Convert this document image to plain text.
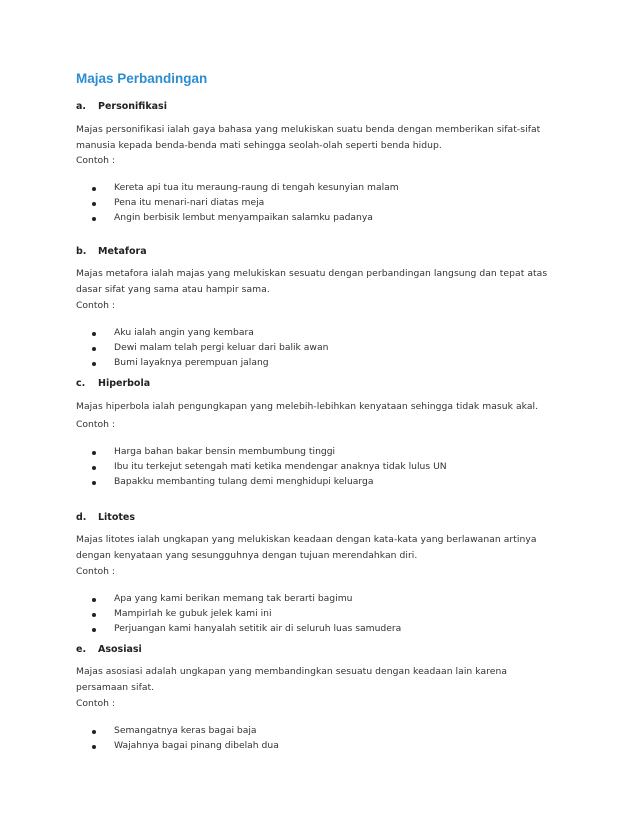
Majas Perbandingan
a. Personifikasi
Majas personifikasi ialah gaya bahasa yang melukiskan suatu benda dengan memberikan sifat-sifat
manusia kepada benda-benda mati sehingga seolah-olah seperti benda hidup.
Contoh :
Kereta api tua itu meraung-raung di tengah kesunyian malam
Pena itu menari-nari diatas meja
Angin berbisik lembut menyampaikan salamku padanya
b. Metafora
Majas metafora ialah majas yang melukiskan sesuatu dengan perbandingan langsung dan tepat atas
dasar sifat yang sama atau hampir sama.
Contoh :
Aku ialah angin yang kembara
Dewi malam telah pergi keluar dari balik awan
Bumi layaknya perempuan jalang
c. Hiperbola
Majas hiperbola ialah pengungkapan yang melebih-lebihkan kenyataan sehingga tidak masuk akal.
Contoh :
Harga bahan bakar bensin membumbung tinggi
Ibu itu terkejut setengah mati ketika mendengar anaknya tidak lulus UN
Bapakku membanting tulang demi menghidupi keluarga
d. Litotes
Majas litotes ialah ungkapan yang melukiskan keadaan dengan kata-kata yang berlawanan artinya
dengan kenyataan yang sesungguhnya dengan tujuan merendahkan diri.
Contoh :
Apa yang kami berikan memang tak berarti bagimu
Mampirlah ke gubuk jelek kami ini
Perjuangan kami hanyalah setitik air di seluruh luas samudera
e. Asosiasi
Majas asosiasi adalah ungkapan yang membandingkan sesuatu dengan keadaan lain karena
persamaan sifat.
Contoh :
Semangatnya keras bagai baja
Wajahnya bagai pinang dibelah dua
